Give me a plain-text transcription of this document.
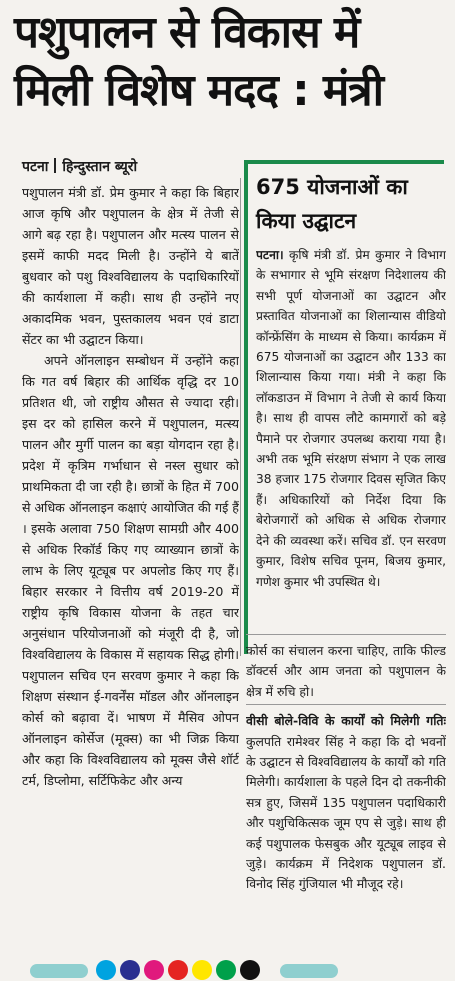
पशुपालन से विकास में
मिली विशेष मदद : मंत्री
पटना हिन्दुस्तान ब्यूरो

पशुपालन मंत्री डॉ. प्रेम कुमार ने कहा कि बिहार आज कृषि और पशुपालन के क्षेत्र में तेजी से आगे बढ़ रहा है। पशुपालन और मत्स्य पालन से इसमें काफी मदद मिली है। उन्होंने ये बातें बुधवार को पशु विश्वविद्यालय के पदाधिकारियों की कार्यशाला में कही। साथ ही उन्होंने नए अकादमिक भवन, पुस्तकालय भवन एवं डाटा सेंटर का भी उद्घाटन किया।

अपने ऑनलाइन सम्बोधन में उन्होंने कहा कि गत वर्ष बिहार की आर्थिक वृद्धि दर 10 प्रतिशत थी, जो राष्ट्रीय औसत से ज्यादा रही। इस दर को हासिल करने में पशुपालन, मत्स्य पालन और मुर्गी पालन का बड़ा योगदान रहा है। प्रदेश में कृत्रिम गर्भाधान से नस्ल सुधार को प्राथमिकता दी जा रही है। छात्रों के हित में 700 से अधिक ऑनलाइन कक्षाएं आयोजित की गई हैं । इसके अलावा 750 शिक्षण सामग्री और 400 से अधिक रिकॉर्ड किए गए व्याख्यान छात्रों के लाभ के लिए यूट्यूब पर अपलोड किए गए हैं। बिहार सरकार ने वित्तीय वर्ष 2019-20 में राष्ट्रीय कृषि विकास योजना के तहत चार अनुसंधान परियोजनाओं को मंजूरी दी है, जो विश्वविद्यालय के विकास में सहायक सिद्ध होगी। पशुपालन सचिव एन सरवण कुमार ने कहा कि शिक्षण संस्थान ई-गवर्नेंस मॉडल और ऑनलाइन कोर्स को बढ़ावा दें। भाषण में मैसिव ओपन ऑनलाइन कोर्सेज (मूक्स) का भी जिक्र किया और कहा कि विश्वविद्यालय को मूक्स जैसे शॉर्ट टर्म, डिप्लोमा, सर्टिफिकेट और अन्य

675 योजनाओं का किया उद्घाटन

पटना। कृषि मंत्री डॉ. प्रेम कुमार ने विभाग के सभागार से भूमि संरक्षण निदेशालय की सभी पूर्ण योजनाओं का उद्घाटन और प्रस्तावित योजनाओं का शिलान्यास वीडियो कॉन्फ्रेंसिंग के माध्यम से किया। कार्यक्रम में 675 योजनाओं का उद्घाटन और 133 का शिलान्यास किया गया। मंत्री ने कहा कि लॉकडाउन में विभाग ने तेजी से कार्य किया है। साथ ही वापस लौटे कामगारों को बड़े पैमाने पर रोजगार उपलब्ध कराया गया है। अभी तक भूमि संरक्षण संभाग ने एक लाख 38 हजार 175 रोजगार दिवस सृजित किए हैं। अधिकारियों को निर्देश दिया कि बेरोजगारों को अधिक से अधिक रोजगार देने की व्यवस्था करें। सचिव डॉ. एन सरवण कुमार, विशेष सचिव पूनम, बिजय कुमार, गणेश कुमार भी उपस्थित थे।

कोर्स का संचालन करना चाहिए, ताकि फील्ड डॉक्टर्स और आम जनता को पशुपालन के क्षेत्र में रुचि हो।

वीसी बोले-विवि के कार्यों को मिलेगी गतिः कुलपति रामेश्वर सिंह ने कहा कि दो भवनों के उद्घाटन से विश्वविद्यालय के कार्यों को गति मिलेगी। कार्यशाला के पहले दिन दो तकनीकी सत्र हुए, जिसमें 135 पशुपालन पदाधिकारी और पशुचिकित्सक जूम एप से जुड़े। साथ ही कई पशुपालक फेसबुक और यूट्यूब लाइव से जुड़े। कार्यक्रम में निदेशक पशुपालन डॉ. विनोद सिंह गुंजियाल भी मौजूद रहे।
